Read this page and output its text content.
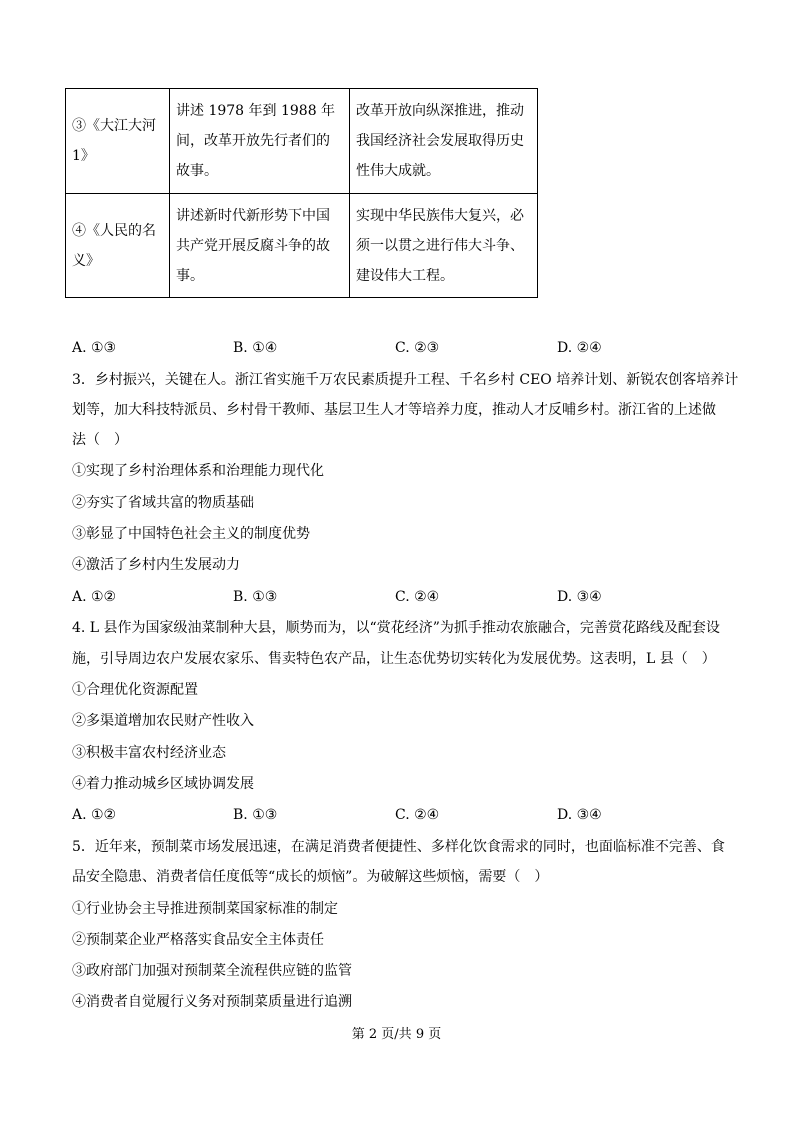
③《大江大河 1》	讲述 1978 年到 1988 年间，改革开放先行者们的故事。	改革开放向纵深推进，推动我国经济社会发展取得历史性伟大成就。
④《人民的名义》	讲述新时代新形势下中国共产党开展反腐斗争的故事。	实现中华民族伟大复兴，必须一以贯之进行伟大斗争、建设伟大工程。
A. ①③	B. ①④	C. ②③	D. ②④
3．乡村振兴，关键在人。浙江省实施千万农民素质提升工程、千名乡村 CEO 培养计划、新锐农创客培养计
划等，加大科技特派员、乡村骨干教师、基层卫生人才等培养力度，推动人才反哺乡村。浙江省的上述做
法（　）
①实现了乡村治理体系和治理能力现代化
②夯实了省域共富的物质基础
③彰显了中国特色社会主义的制度优势
④激活了乡村内生发展动力
A. ①②	B. ①③	C. ②④	D. ③④
4. L 县作为国家级油菜制种大县，顺势而为，以“赏花经济”为抓手推动农旅融合，完善赏花路线及配套设
施，引导周边农户发展农家乐、售卖特色农产品，让生态优势切实转化为发展优势。这表明，L 县（　）
①合理优化资源配置
②多渠道增加农民财产性收入
③积极丰富农村经济业态
④着力推动城乡区域协调发展
A. ①②	B. ①③	C. ②④	D. ③④
5．近年来，预制菜市场发展迅速，在满足消费者便捷性、多样化饮食需求的同时，也面临标准不完善、食
品安全隐患、消费者信任度低等“成长的烦恼”。为破解这些烦恼，需要（　）
①行业协会主导推进预制菜国家标准的制定
②预制菜企业严格落实食品安全主体责任
③政府部门加强对预制菜全流程供应链的监管
④消费者自觉履行义务对预制菜质量进行追溯
第 2 页/共 9 页
